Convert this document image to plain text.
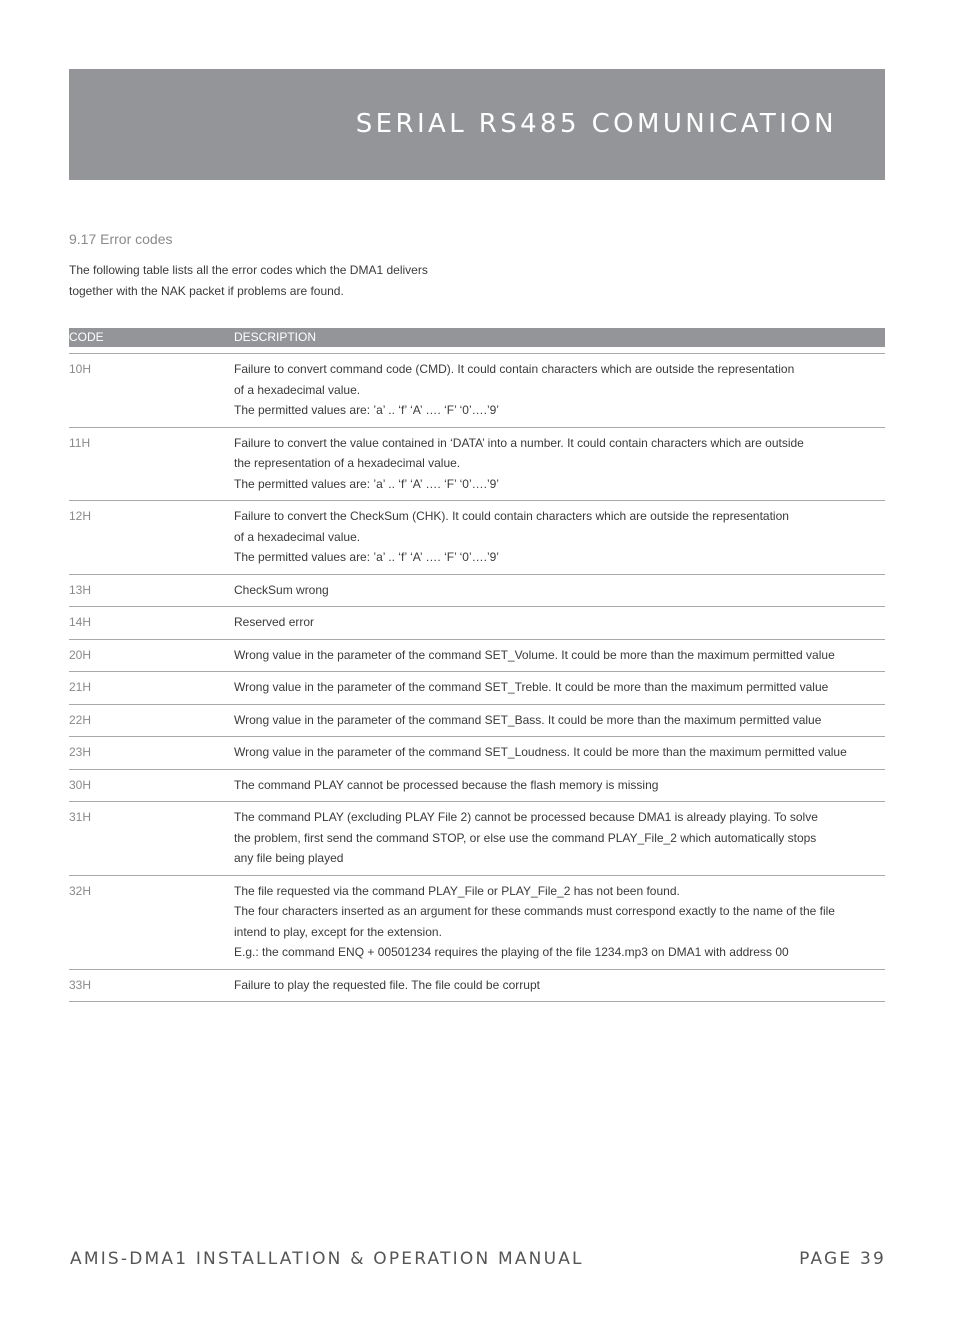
SERIAL RS485 COMUNICATION
9.17 Error codes
The following table lists all the error codes which the DMA1 delivers
together with the NAK packet if problems are found.
CODE	DESCRIPTION
10H	Failure to convert command code (CMD). It could contain characters which are outside the representation
of a hexadecimal value.
The permitted values are: ’a’ .. ‘f’ ‘A’ …. ‘F’ ‘0’….’9’
11H	Failure to convert the value contained in ‘DATA’ into a number. It could contain characters which are outside
the representation of a hexadecimal value.
The permitted values are: ’a’ .. ‘f’ ‘A’ …. ‘F’ ‘0’….’9’
12H	Failure to convert the CheckSum (CHK). It could contain characters which are outside the representation
of a hexadecimal value.
The permitted values are: ’a’ .. ‘f’ ‘A’ …. ‘F’ ‘0’….’9’
13H	CheckSum wrong
14H	Reserved error
20H	Wrong value in the parameter of the command SET_Volume. It could be more than the maximum permitted value
21H	Wrong value in the parameter of the command SET_Treble. It could be more than the maximum permitted value
22H	Wrong value in the parameter of the command SET_Bass. It could be more than the maximum permitted value
23H	Wrong value in the parameter of the command SET_Loudness. It could be more than the maximum permitted value
30H	The command PLAY cannot be processed because the flash memory is missing
31H	The command PLAY (excluding PLAY File 2) cannot be processed because DMA1 is already playing. To solve
the problem, first send the command STOP, or else use the command PLAY_File_2 which automatically stops
any file being played
32H	The file requested via the command PLAY_File or PLAY_File_2 has not been found.
The four characters inserted as an argument for these commands must correspond exactly to the name of the file
intend to play, except for the extension.
E.g.: the command ENQ + 00501234 requires the playing of the file 1234.mp3 on DMA1 with address 00
33H	Failure to play the requested file. The file could be corrupt
AMIS-DMA1 INSTALLATION & OPERATION MANUAL	PAGE 39
